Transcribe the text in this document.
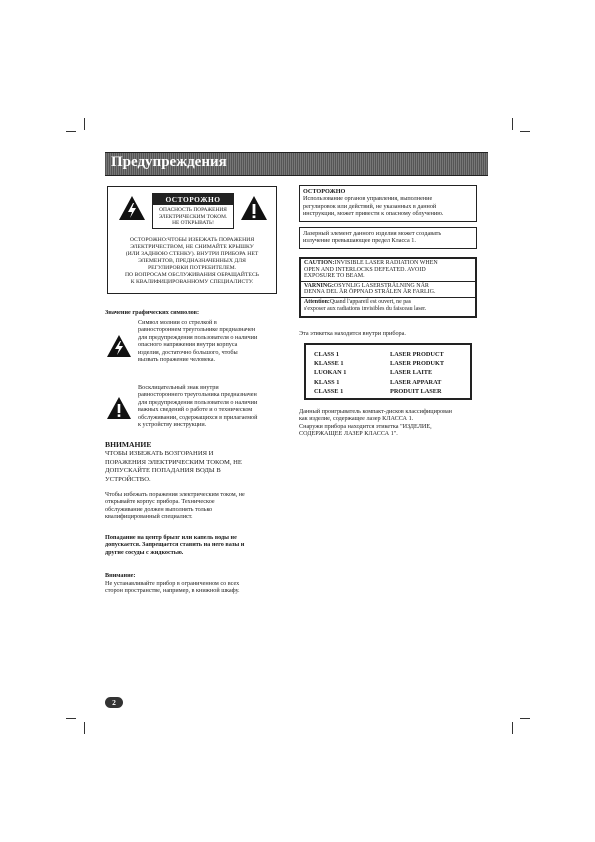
Предупреждения
ОСТОРОЖНО
ОПАСНОСТЬ ПОРАЖЕНИЯ
ЭЛЕКТРИЧЕСКИМ ТОКОМ.
НЕ ОТКРЫВАТЬ!
ОСТОРОЖНО:ЧТОБЫ ИЗБЕЖАТЬ ПОРАЖЕНИЯ
ЭЛЕКТРИЧЕСТВОМ, НЕ СНИМАЙТЕ КРЫШКУ
(ИЛИ ЗАДНЮЮ СТЕНКУ). ВНУТРИ ПРИБОРА НЕТ
ЭЛЕМЕНТОВ, ПРЕДНАЗНАЧЕННЫХ ДЛЯ
РЕГУЛИРОВКИ ПОТРЕБИТЕЛЕМ.
ПО ВОПРОСАМ ОБСЛУЖИВАНИЯ ОБРАЩАЙТЕСЬ
К КВАЛИФИЦИРОВАННОМУ СПЕЦИАЛИСТУ.
Значение графических символов:
Символ молнии со стрелкой в
равностороннем треугольнике предназначен
для предупреждения пользователя о наличии
опасного напряжения внутри корпуса
изделия, достаточно большого, чтобы
вызвать поражение человека.
Восклицательный знак внутри
равностороннего треугольника предназначен
для предупреждения пользователя о наличии
важных сведений о работе и о техническом
обслуживании, содержащихся в прилагаемой
к устройству инструкции.
ВНИМАНИЕ
ЧТОБЫ ИЗБЕЖАТЬ ВОЗГОРАНИЯ И
ПОРАЖЕНИЯ ЭЛЕКТРИЧЕСКИМ ТОКОМ, НЕ
ДОПУСКАЙТЕ ПОПАДАНИЯ ВОДЫ В
УСТРОЙСТВО.
Чтобы избежать поражения электрическим током, не
открывайте корпус прибора. Техническое
обслуживание должен выполнять только
квалифицированный специалист.
Попадание на центр брызг или капель воды не
допускается. Запрещается ставить на него вазы и
другие сосуды с жидкостью.
Внимание:
Не устанавливайте прибор в ограниченном со всех
сторон пространстве, например, в книжной шкафу.
ОСТОРОЖНО
Использование органов управления, выполнение
регулировок или действий, не указанных в данной
инструкции, может привести к опасному облучению.
Лазерный элемент данного изделия может создавать
излучение превышающее предел Класса 1.
CAUTION:INVISIBLE LASER RADIATION WHEN
OPEN AND INTERLOCKS DEFEATED. AVOID
EXPOSURE TO BEAM.
VARNING:OSYNLIG LASERSTRÅLNING NÄR
DENNA DEL ÄR ÖPPNAD STRÅLEN ÄR FARLIG.
Attention:Quand l'appareil est ouvert, ne pas
s'exposer aux radiations invisibles du faisceau laser.
Эта этикетка находится внутри прибора.
CLASS 1	LASER PRODUCT
KLASSE 1	LASER PRODUKT
LUOKAN 1	LASER LAITE
KLASS 1	LASER APPARAT
CLASSE 1	PRODUIT LASER
Данный проигрыватель компакт-дисков классифицирован
как изделие, содержащее лазер КЛАССА 1.
Снаружи прибора находится этикетка "ИЗДЕЛИЕ,
СОДЕРЖАЩЕЕ ЛАЗЕР КЛАССА 1".
2
